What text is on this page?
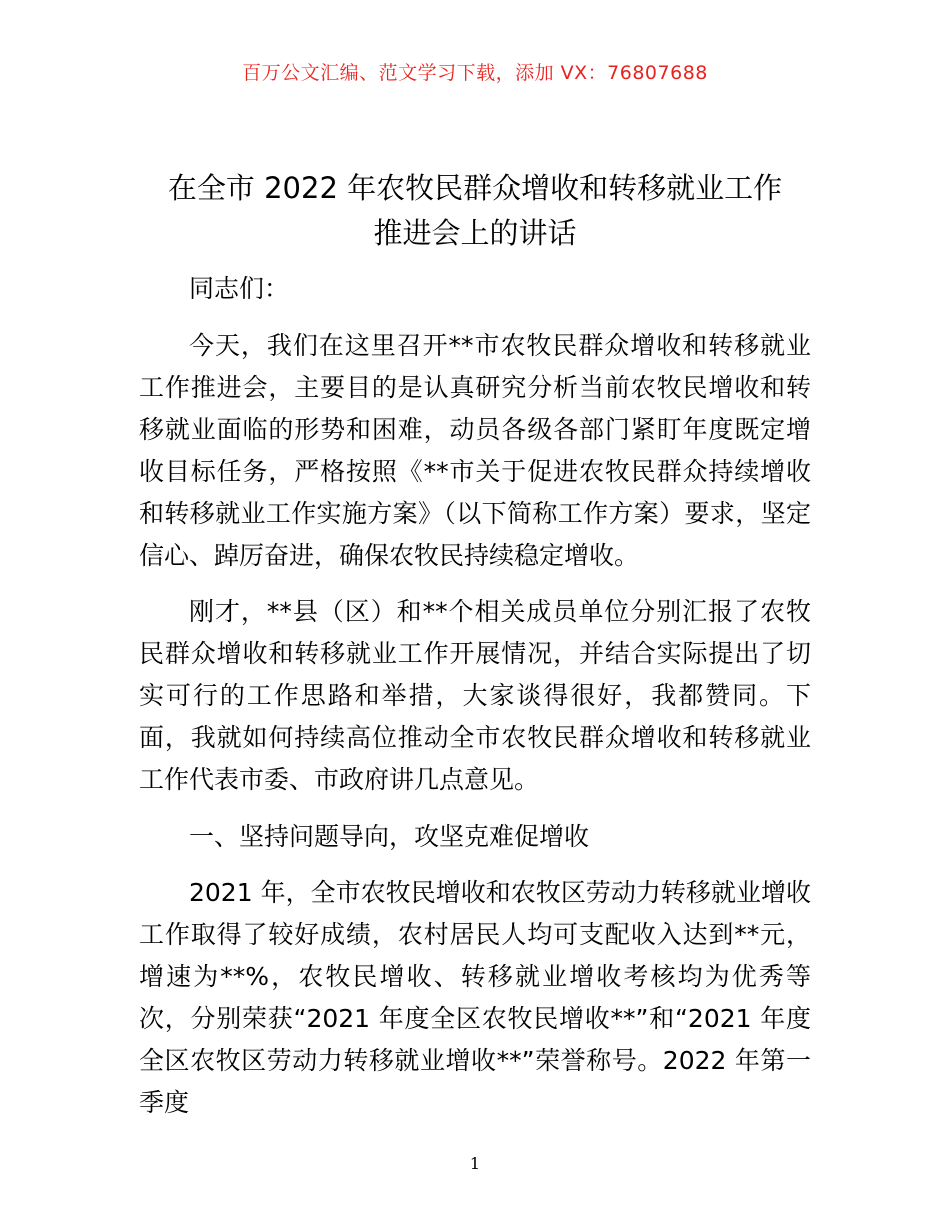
百万公文汇编、范文学习下载，添加 VX：76807688
在全市 2022 年农牧民群众增收和转移就业工作
推进会上的讲话

同志们：

今天，我们在这里召开**市农牧民群众增收和转移就业工作推进会，主要目的是认真研究分析当前农牧民增收和转移就业面临的形势和困难，动员各级各部门紧盯年度既定增收目标任务，严格按照《**市关于促进农牧民群众持续增收和转移就业工作实施方案》（以下简称工作方案）要求，坚定信心、踔厉奋进，确保农牧民持续稳定增收。

刚才，**县（区）和**个相关成员单位分别汇报了农牧民群众增收和转移就业工作开展情况，并结合实际提出了切实可行的工作思路和举措，大家谈得很好，我都赞同。下面，我就如何持续高位推动全市农牧民群众增收和转移就业工作代表市委、市政府讲几点意见。

一、坚持问题导向，攻坚克难促增收

2021 年，全市农牧民增收和农牧区劳动力转移就业增收工作取得了较好成绩，农村居民人均可支配收入达到**元，增速为**%，农牧民增收、转移就业增收考核均为优秀等次，分别荣获“2021 年度全区农牧民增收**”和“2021 年度全区农牧区劳动力转移就业增收**”荣誉称号。2022 年第一季度

1
